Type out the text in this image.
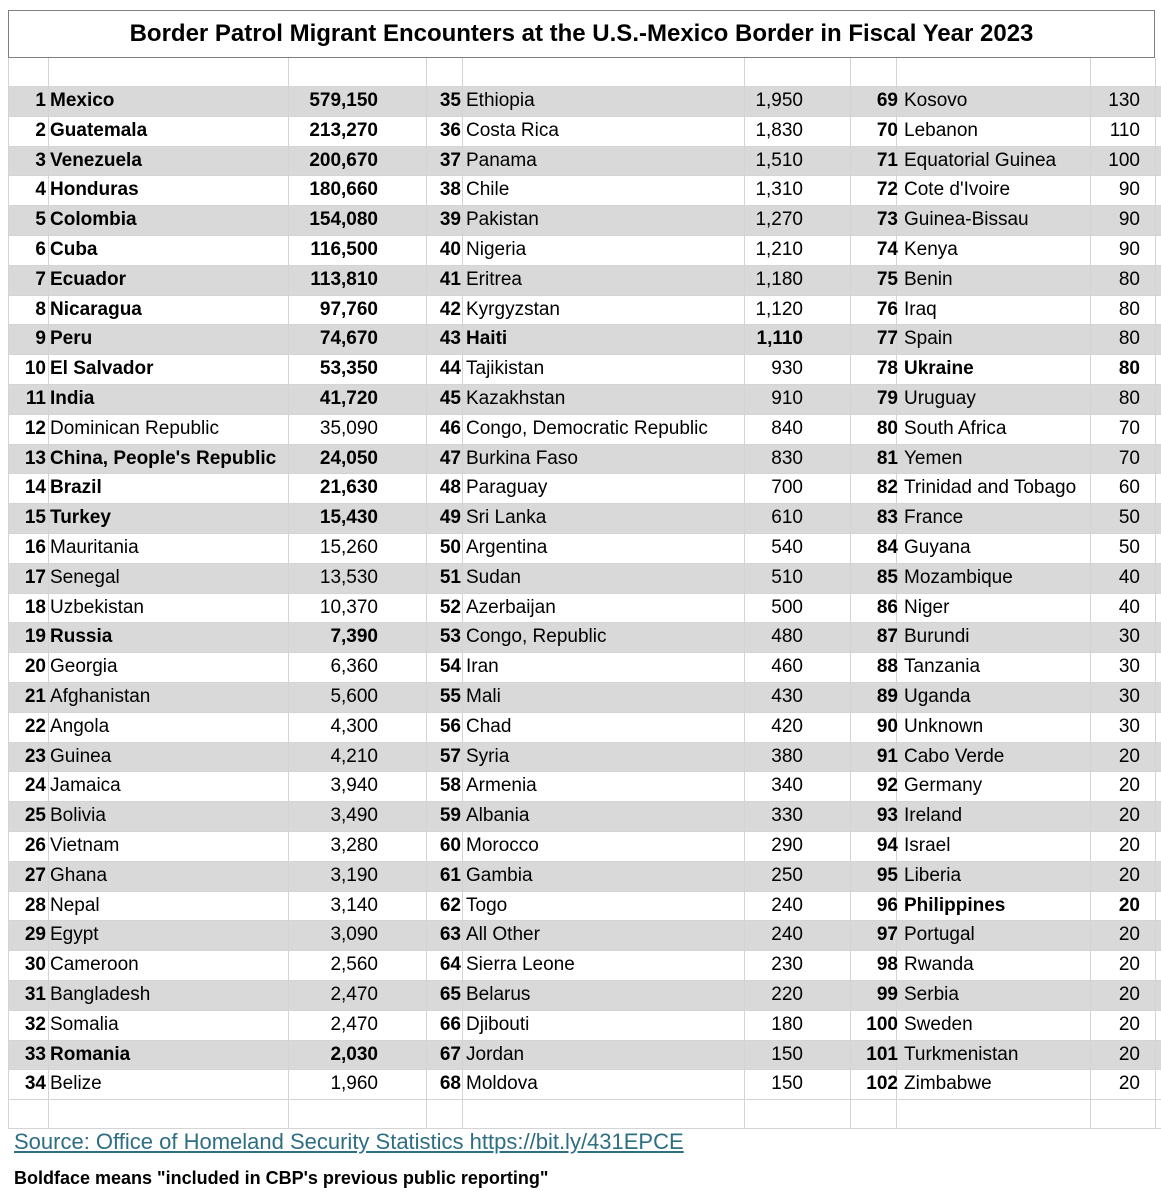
Border Patrol Migrant Encounters at the U.S.-Mexico Border in Fiscal Year 2023
1 Mexico	579,150
2 Guatemala	213,270
3 Venezuela	200,670
4 Honduras	180,660
5 Colombia	154,080
6 Cuba	116,500
7 Ecuador	113,810
8 Nicaragua	97,760
9 Peru	74,670
10 El Salvador	53,350
11 India	41,720
12 Dominican Republic	35,090
13 China, People's Republic	24,050
14 Brazil	21,630
15 Turkey	15,430
16 Mauritania	15,260
17 Senegal	13,530
18 Uzbekistan	10,370
19 Russia	7,390
20 Georgia	6,360
21 Afghanistan	5,600
22 Angola	4,300
23 Guinea	4,210
24 Jamaica	3,940
25 Bolivia	3,490
26 Vietnam	3,280
27 Ghana	3,190
28 Nepal	3,140
29 Egypt	3,090
30 Cameroon	2,560
31 Bangladesh	2,470
32 Somalia	2,470
33 Romania	2,030
34 Belize	1,960
35 Ethiopia	1,950
36 Costa Rica	1,830
37 Panama	1,510
38 Chile	1,310
39 Pakistan	1,270
40 Nigeria	1,210
41 Eritrea	1,180
42 Kyrgyzstan	1,120
43 Haiti	1,110
44 Tajikistan	930
45 Kazakhstan	910
46 Congo, Democratic Republic	840
47 Burkina Faso	830
48 Paraguay	700
49 Sri Lanka	610
50 Argentina	540
51 Sudan	510
52 Azerbaijan	500
53 Congo, Republic	480
54 Iran	460
55 Mali	430
56 Chad	420
57 Syria	380
58 Armenia	340
59 Albania	330
60 Morocco	290
61 Gambia	250
62 Togo	240
63 All Other	240
64 Sierra Leone	230
65 Belarus	220
66 Djibouti	180
67 Jordan	150
68 Moldova	150
69 Kosovo	130
70 Lebanon	110
71 Equatorial Guinea	100
72 Cote d'Ivoire	90
73 Guinea-Bissau	90
74 Kenya	90
75 Benin	80
76 Iraq	80
77 Spain	80
78 Ukraine	80
79 Uruguay	80
80 South Africa	70
81 Yemen	70
82 Trinidad and Tobago	60
83 France	50
84 Guyana	50
85 Mozambique	40
86 Niger	40
87 Burundi	30
88 Tanzania	30
89 Uganda	30
90 Unknown	30
91 Cabo Verde	20
92 Germany	20
93 Ireland	20
94 Israel	20
95 Liberia	20
96 Philippines	20
97 Portugal	20
98 Rwanda	20
99 Serbia	20
100 Sweden	20
101 Turkmenistan	20
102 Zimbabwe	20
Source: Office of Homeland Security Statistics https://bit.ly/431EPCE
Boldface means "included in CBP's previous public reporting"
